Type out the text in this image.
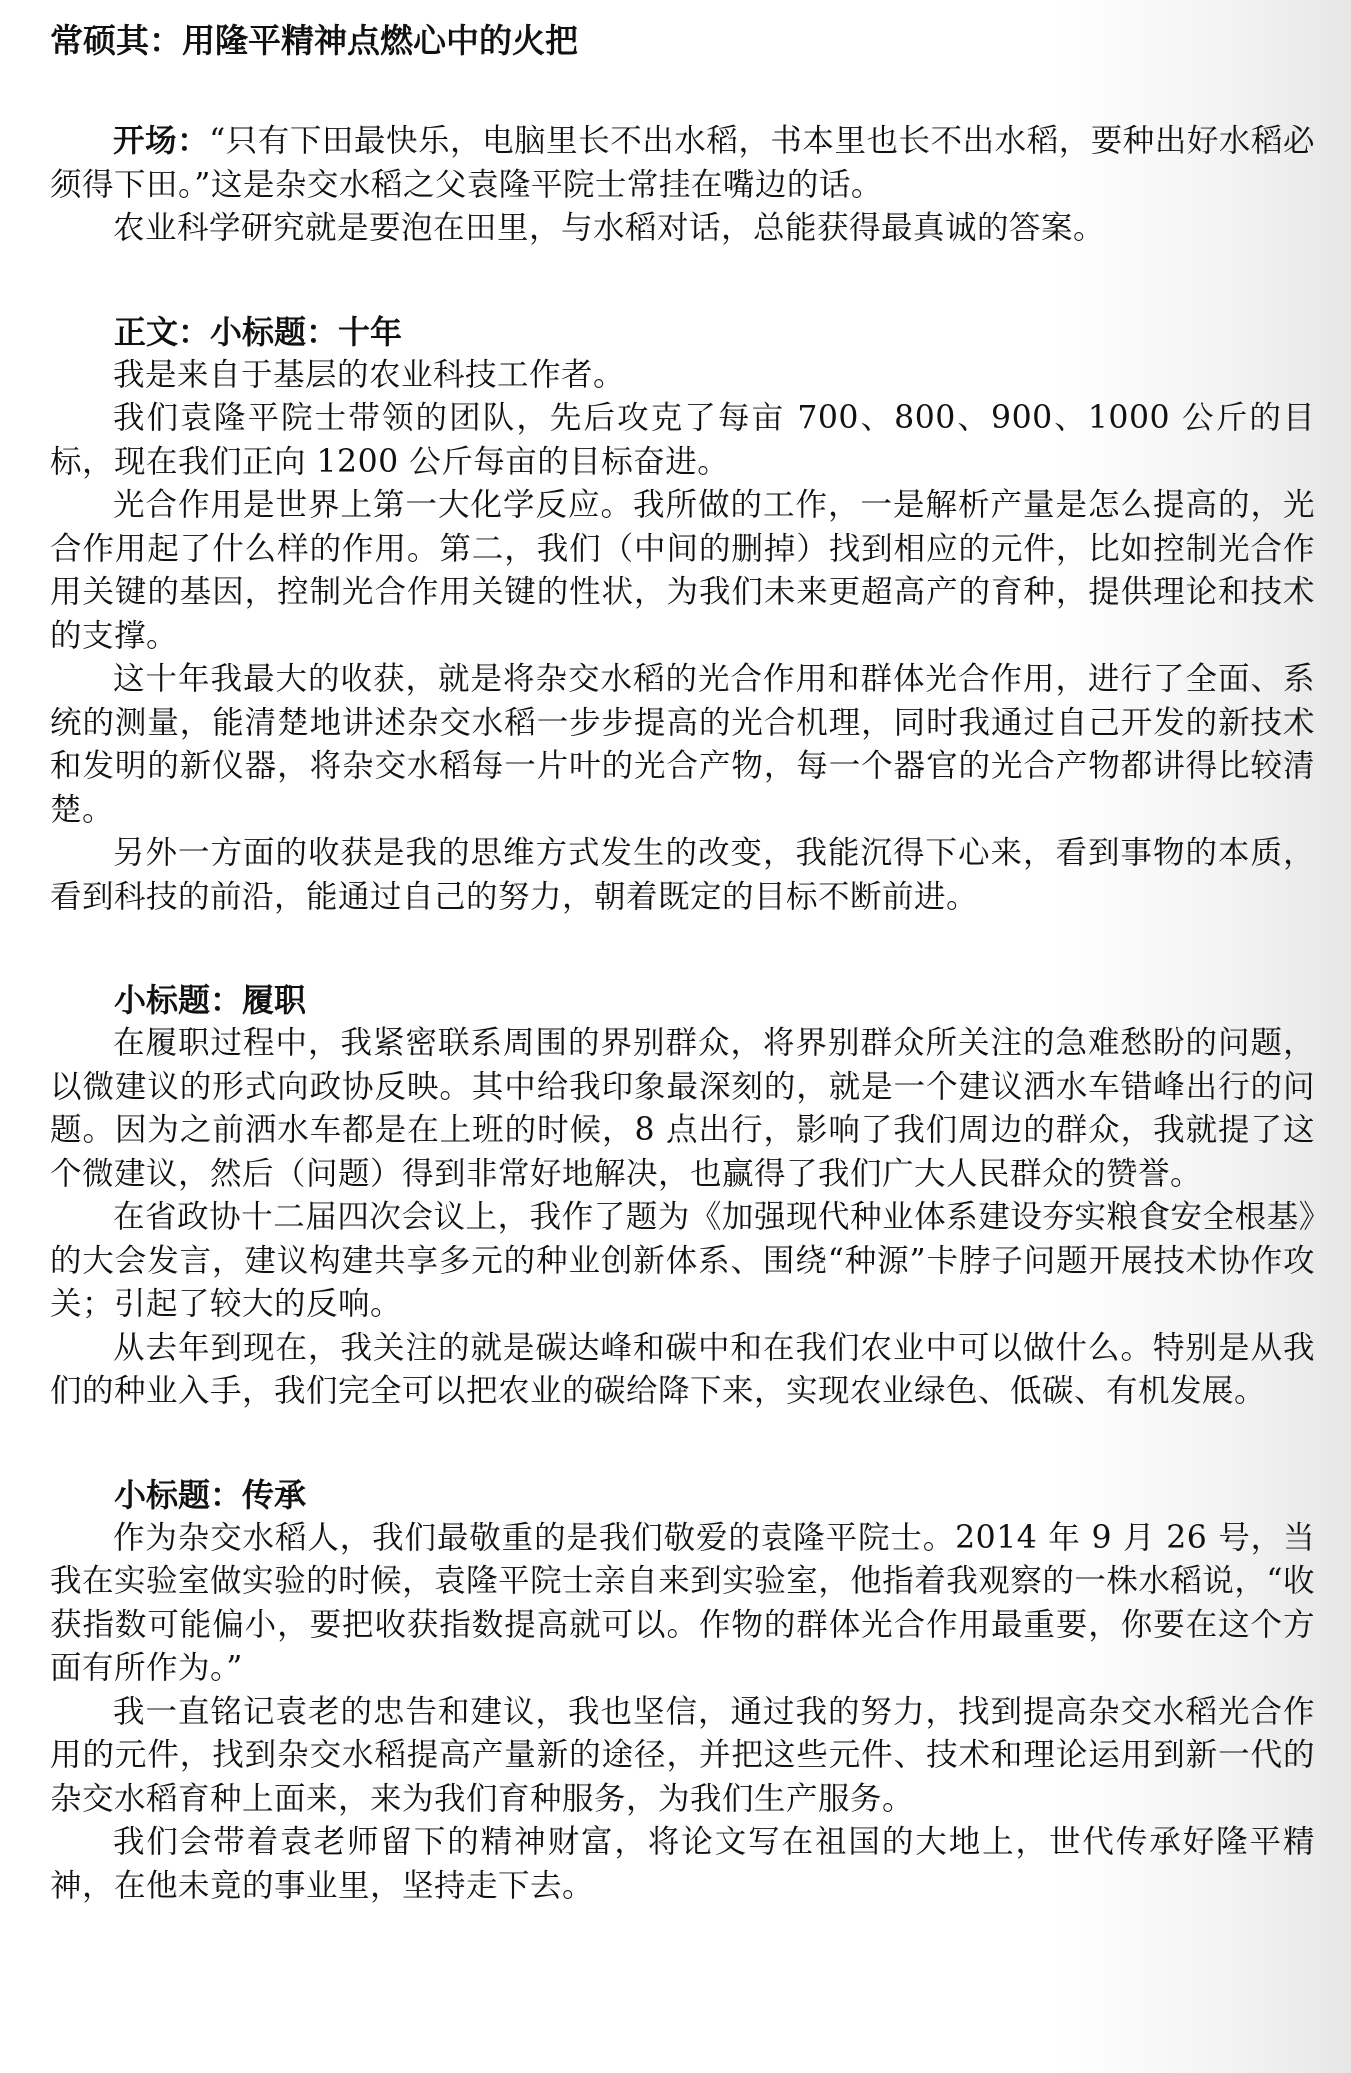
常硕其：用隆平精神点燃心中的火把

开场：“只有下田最快乐，电脑里长不出水稻，书本里也长不出水稻，要种出好水稻必须得下田。”这是杂交水稻之父袁隆平院士常挂在嘴边的话。

农业科学研究就是要泡在田里，与水稻对话，总能获得最真诚的答案。

正文：小标题：十年

我是来自于基层的农业科技工作者。

我们袁隆平院士带领的团队，先后攻克了每亩 700、800、900、1000 公斤的目标，现在我们正向 1200 公斤每亩的目标奋进。

光合作用是世界上第一大化学反应。我所做的工作，一是解析产量是怎么提高的，光合作用起了什么样的作用。第二，我们（中间的删掉）找到相应的元件，比如控制光合作用关键的基因，控制光合作用关键的性状，为我们未来更超高产的育种，提供理论和技术的支撑。

这十年我最大的收获，就是将杂交水稻的光合作用和群体光合作用，进行了全面、系统的测量，能清楚地讲述杂交水稻一步步提高的光合机理，同时我通过自己开发的新技术和发明的新仪器，将杂交水稻每一片叶的光合产物，每一个器官的光合产物都讲得比较清楚。

另外一方面的收获是我的思维方式发生的改变，我能沉得下心来，看到事物的本质，看到科技的前沿，能通过自己的努力，朝着既定的目标不断前进。

小标题：履职

在履职过程中，我紧密联系周围的界别群众，将界别群众所关注的急难愁盼的问题，以微建议的形式向政协反映。其中给我印象最深刻的，就是一个建议洒水车错峰出行的问题。因为之前洒水车都是在上班的时候，8 点出行，影响了我们周边的群众，我就提了这个微建议，然后（问题）得到非常好地解决，也赢得了我们广大人民群众的赞誉。

在省政协十二届四次会议上，我作了题为《加强现代种业体系建设夯实粮食安全根基》的大会发言，建议构建共享多元的种业创新体系、围绕“种源”卡脖子问题开展技术协作攻关；引起了较大的反响。

从去年到现在，我关注的就是碳达峰和碳中和在我们农业中可以做什么。特别是从我们的种业入手，我们完全可以把农业的碳给降下来，实现农业绿色、低碳、有机发展。

小标题：传承

作为杂交水稻人，我们最敬重的是我们敬爱的袁隆平院士。2014 年 9 月 26 号，当我在实验室做实验的时候，袁隆平院士亲自来到实验室，他指着我观察的一株水稻说，“收获指数可能偏小，要把收获指数提高就可以。作物的群体光合作用最重要，你要在这个方面有所作为。”

我一直铭记袁老的忠告和建议，我也坚信，通过我的努力，找到提高杂交水稻光合作用的元件，找到杂交水稻提高产量新的途径，并把这些元件、技术和理论运用到新一代的杂交水稻育种上面来，来为我们育种服务，为我们生产服务。

我们会带着袁老师留下的精神财富，将论文写在祖国的大地上，世代传承好隆平精神，在他未竟的事业里，坚持走下去。
